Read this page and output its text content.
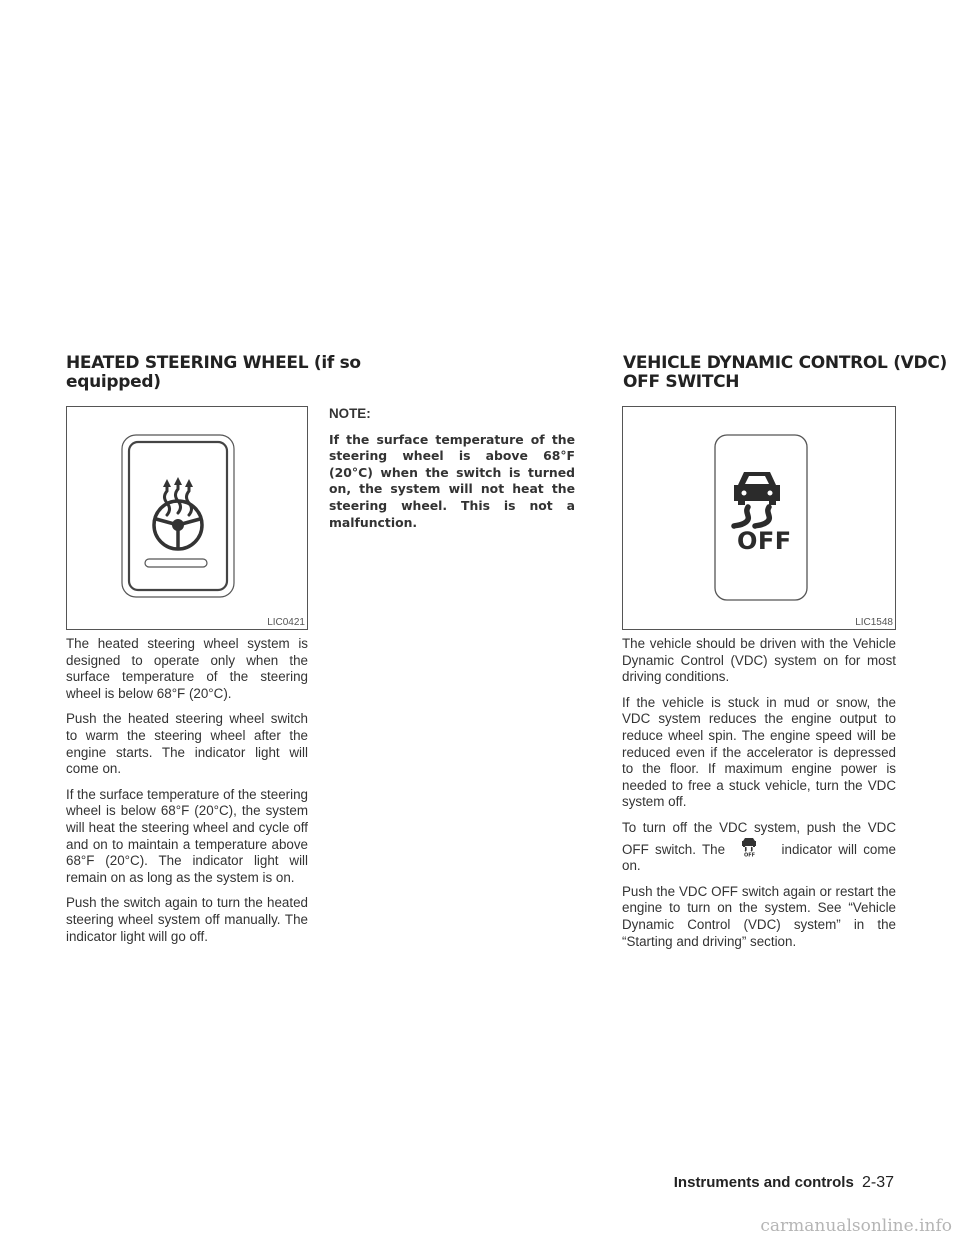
HEATED STEERING WHEEL (if so
equipped)
VEHICLE DYNAMIC CONTROL (VDC)
OFF SWITCH
LIC0421

The heated steering wheel system is designed to operate only when the surface temperature of the steering wheel is below 68°F (20°C).

Push the heated steering wheel switch to warm the steering wheel after the engine starts. The indicator light will come on.

If the surface temperature of the steering wheel is below 68°F (20°C), the system will heat the steering wheel and cycle off and on to maintain a temperature above 68°F (20°C). The indicator light will remain on as long as the system is on.

Push the switch again to turn the heated steering wheel system off manually. The indicator light will go off.

NOTE:

If the surface temperature of the steering wheel is above 68°F (20°C) when the switch is turned on, the system will not heat the steering wheel. This is not a malfunction.

OFF
LIC1548

The vehicle should be driven with the Vehicle Dynamic Control (VDC) system on for most driving conditions.

If the vehicle is stuck in mud or snow, the VDC system reduces the engine output to reduce wheel spin. The engine speed will be reduced even if the accelerator is depressed to the floor. If maximum engine power is needed to free a stuck vehicle, turn the VDC system off.

To turn off the VDC system, push the VDC OFF switch. The	OFF indicator will come on.

Push the VDC OFF switch again or restart the engine to turn on the system. See “Vehicle Dynamic Control (VDC) system” in the “Starting and driving” section.

Instruments and controls 2-37
carmanualsonline.info
